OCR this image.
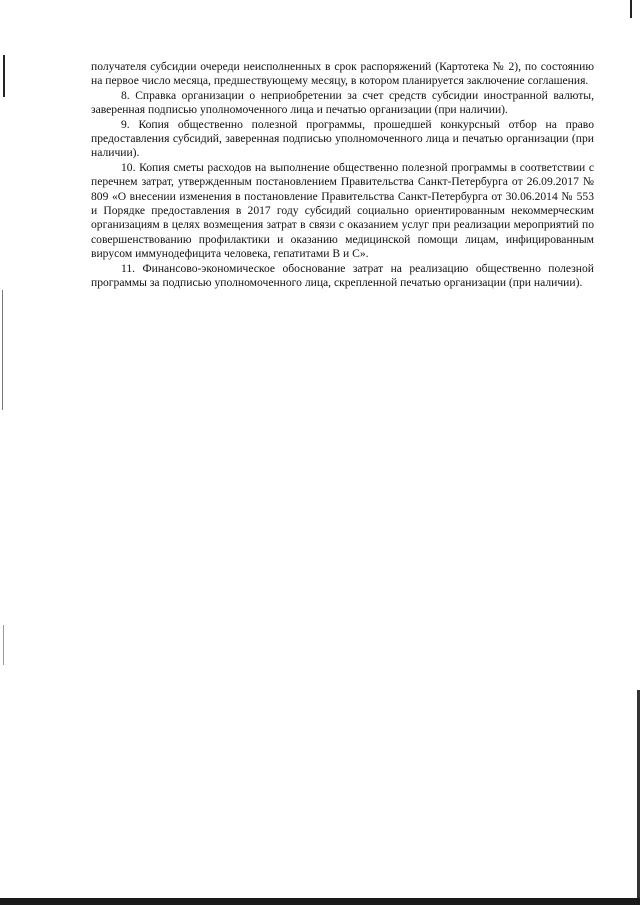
получателя субсидии очереди неисполненных в срок распоряжений (Картотека № 2), по состоянию на первое число месяца, предшествующему месяцу, в котором планируется заключение соглашения.

8. Справка организации о неприобретении за счет средств субсидии иностранной валюты, заверенная подписью уполномоченного лица и печатью организации (при наличии).

9. Копия общественно полезной программы, прошедшей конкурсный отбор на право предоставления субсидий, заверенная подписью уполномоченного лица и печатью организации (при наличии).

10. Копия сметы расходов на выполнение общественно полезной программы в соответствии с перечнем затрат, утвержденным постановлением Правительства Санкт-Петербурга от 26.09.2017 № 809 «О внесении изменения в постановление Правительства Санкт-Петербурга от 30.06.2014 № 553 и Порядке предоставления в 2017 году субсидий социально ориентированным некоммерческим организациям в целях возмещения затрат в связи с оказанием услуг при реализации мероприятий по совершенствованию профилактики и оказанию медицинской помощи лицам, инфицированным вирусом иммунодефицита человека, гепатитами В и С».

11. Финансово-экономическое обоснование затрат на реализацию общественно полезной программы за подписью уполномоченного лица, скрепленной печатью организации (при наличии).
